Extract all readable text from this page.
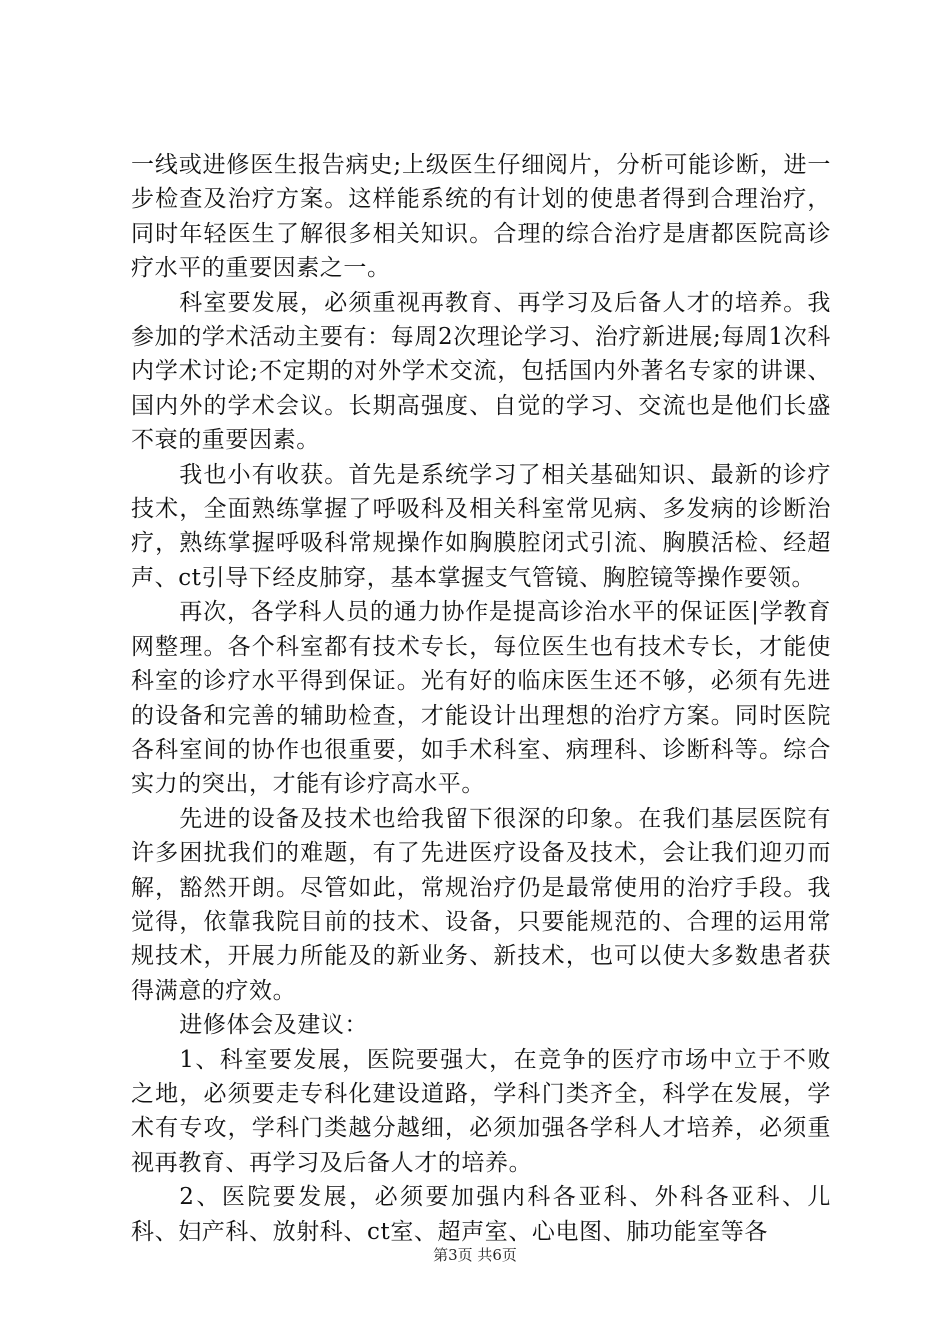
一线或进修医生报告病史;上级医生仔细阅片，分析可能诊断，进一步检查及治疗方案。这样能系统的有计划的使患者得到合理治疗，同时年轻医生了解很多相关知识。合理的综合治疗是唐都医院高诊疗水平的重要因素之一。

科室要发展，必须重视再教育、再学习及后备人才的培养。我参加的学术活动主要有：每周2次理论学习、治疗新进展;每周1次科内学术讨论;不定期的对外学术交流，包括国内外著名专家的讲课、国内外的学术会议。长期高强度、自觉的学习、交流也是他们长盛不衰的重要因素。

我也小有收获。首先是系统学习了相关基础知识、最新的诊疗技术，全面熟练掌握了呼吸科及相关科室常见病、多发病的诊断治疗，熟练掌握呼吸科常规操作如胸膜腔闭式引流、胸膜活检、经超声、ct引导下经皮肺穿，基本掌握支气管镜、胸腔镜等操作要领。

再次，各学科人员的通力协作是提高诊治水平的保证医|学教育网整理。各个科室都有技术专长，每位医生也有技术专长，才能使科室的诊疗水平得到保证。光有好的临床医生还不够，必须有先进的设备和完善的辅助检查，才能设计出理想的治疗方案。同时医院各科室间的协作也很重要，如手术科室、病理科、诊断科等。综合实力的突出，才能有诊疗高水平。

先进的设备及技术也给我留下很深的印象。在我们基层医院有许多困扰我们的难题，有了先进医疗设备及技术，会让我们迎刃而解，豁然开朗。尽管如此，常规治疗仍是最常使用的治疗手段。我觉得，依靠我院目前的技术、设备，只要能规范的、合理的运用常规技术，开展力所能及的新业务、新技术，也可以使大多数患者获得满意的疗效。

进修体会及建议：

1、科室要发展，医院要强大，在竞争的医疗市场中立于不败之地，必须要走专科化建设道路，学科门类齐全，科学在发展，学术有专攻，学科门类越分越细，必须加强各学科人才培养，必须重视再教育、再学习及后备人才的培养。

2、医院要发展，必须要加强内科各亚科、外科各亚科、儿科、妇产科、放射科、ct室、超声室、心电图、肺功能室等各

第3页 共6页
